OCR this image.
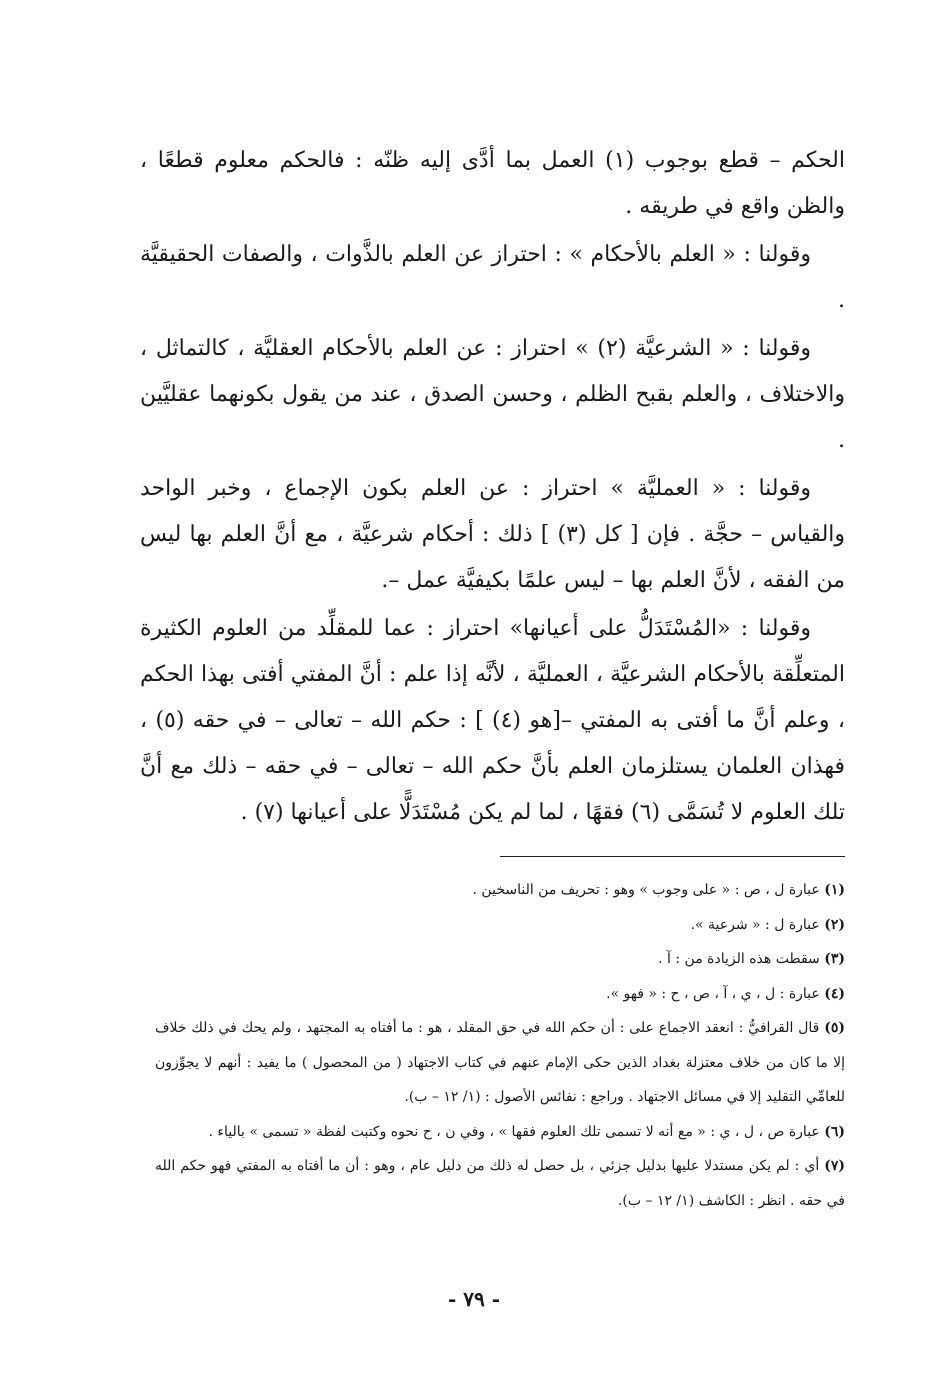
الحكم – قطع بوجوب (١) العمل بما أدَّى إليه ظنّه : فالحكم معلوم قطعًا ، والظن واقع في طريقه .

وقولنا : « العلم بالأحكام » : احتراز عن العلم بالذَّوات ، والصفات الحقيقيَّة .

وقولنا : « الشرعيَّة (٢) » احتراز : عن العلم بالأحكام العقليَّة ، كالتماثل ، والاختلاف ، والعلم بقبح الظلم ، وحسن الصدق ، عند من يقول بكونهما عقليَّين .

وقولنا : « العمليَّة » احتراز : عن العلم بكون الإجماع ، وخبر الواحد والقياس – حجَّة . فإن [ كل (٣) ] ذلك : أحكام شرعيَّة ، مع أنَّ العلم بها ليس من الفقه ، لأنَّ العلم بها – ليس علمًا بكيفيَّة عمل –.

وقولنا : «المُسْتَدَلُّ على أعيانها» احتراز : عما للمقلِّد من العلوم الكثيرة المتعلِّقة بالأحكام الشرعيَّة ، العمليَّة ، لأنَّه إذا علم : أنَّ المفتي أفتى بهذا الحكم ، وعلم أنَّ ما أفتى به المفتي –[هو (٤) ] : حكم الله – تعالى – في حقه (٥) ، فهذان العلمان يستلزمان العلم بأنَّ حكم الله – تعالى – في حقه – ذلك مع أنَّ تلك العلوم لا تُسَمَّى (٦) فقهًا ، لما لم يكن مُسْتَدَلًّا على أعيانها (٧) .

(١) عبارة ل ، ص : « على وجوب » وهو : تحريف من الناسخين .

(٢) عبارة ل : « شرعية ».

(٣) سقطت هذه الزيادة من : آ .

(٤) عبارة : ل ، ي ، آ ، ص ، ح : « فهو ».

(٥) قال القرافيُّ : انعقد الاجماع على : أن حكم الله في حق المقلد ، هو : ما أفتاه به المجتهد ، ولم يحك في ذلك خلاف إلا ما كان من خلاف معتزلة بغداد الذين حكى الإمام عنهم في كتاب الاجتهاد ( من المحصول ) ما يفيد : أنهم لا يجوِّزون للعامِّي التقليد إلا في مسائل الاجتهاد . وراجع : نفائس الأصول : (١/ ١٢ – ب).

(٦) عبارة ص ، ل ، ي : « مع أنه لا تسمى تلك العلوم فقها » ، وفي ن ، ح نحوه وكتبت لفظة « تسمى » بالياء .

(٧) أي : لم يكن مستدلا عليها بدليل جزئي ، بل حصل له ذلك من دليل عام ، وهو : أن ما أفتاه به المفتي فهو حكم الله في حقه . انظر : الكاشف (١/ ١٢ – ب).

- ٧٩ -
